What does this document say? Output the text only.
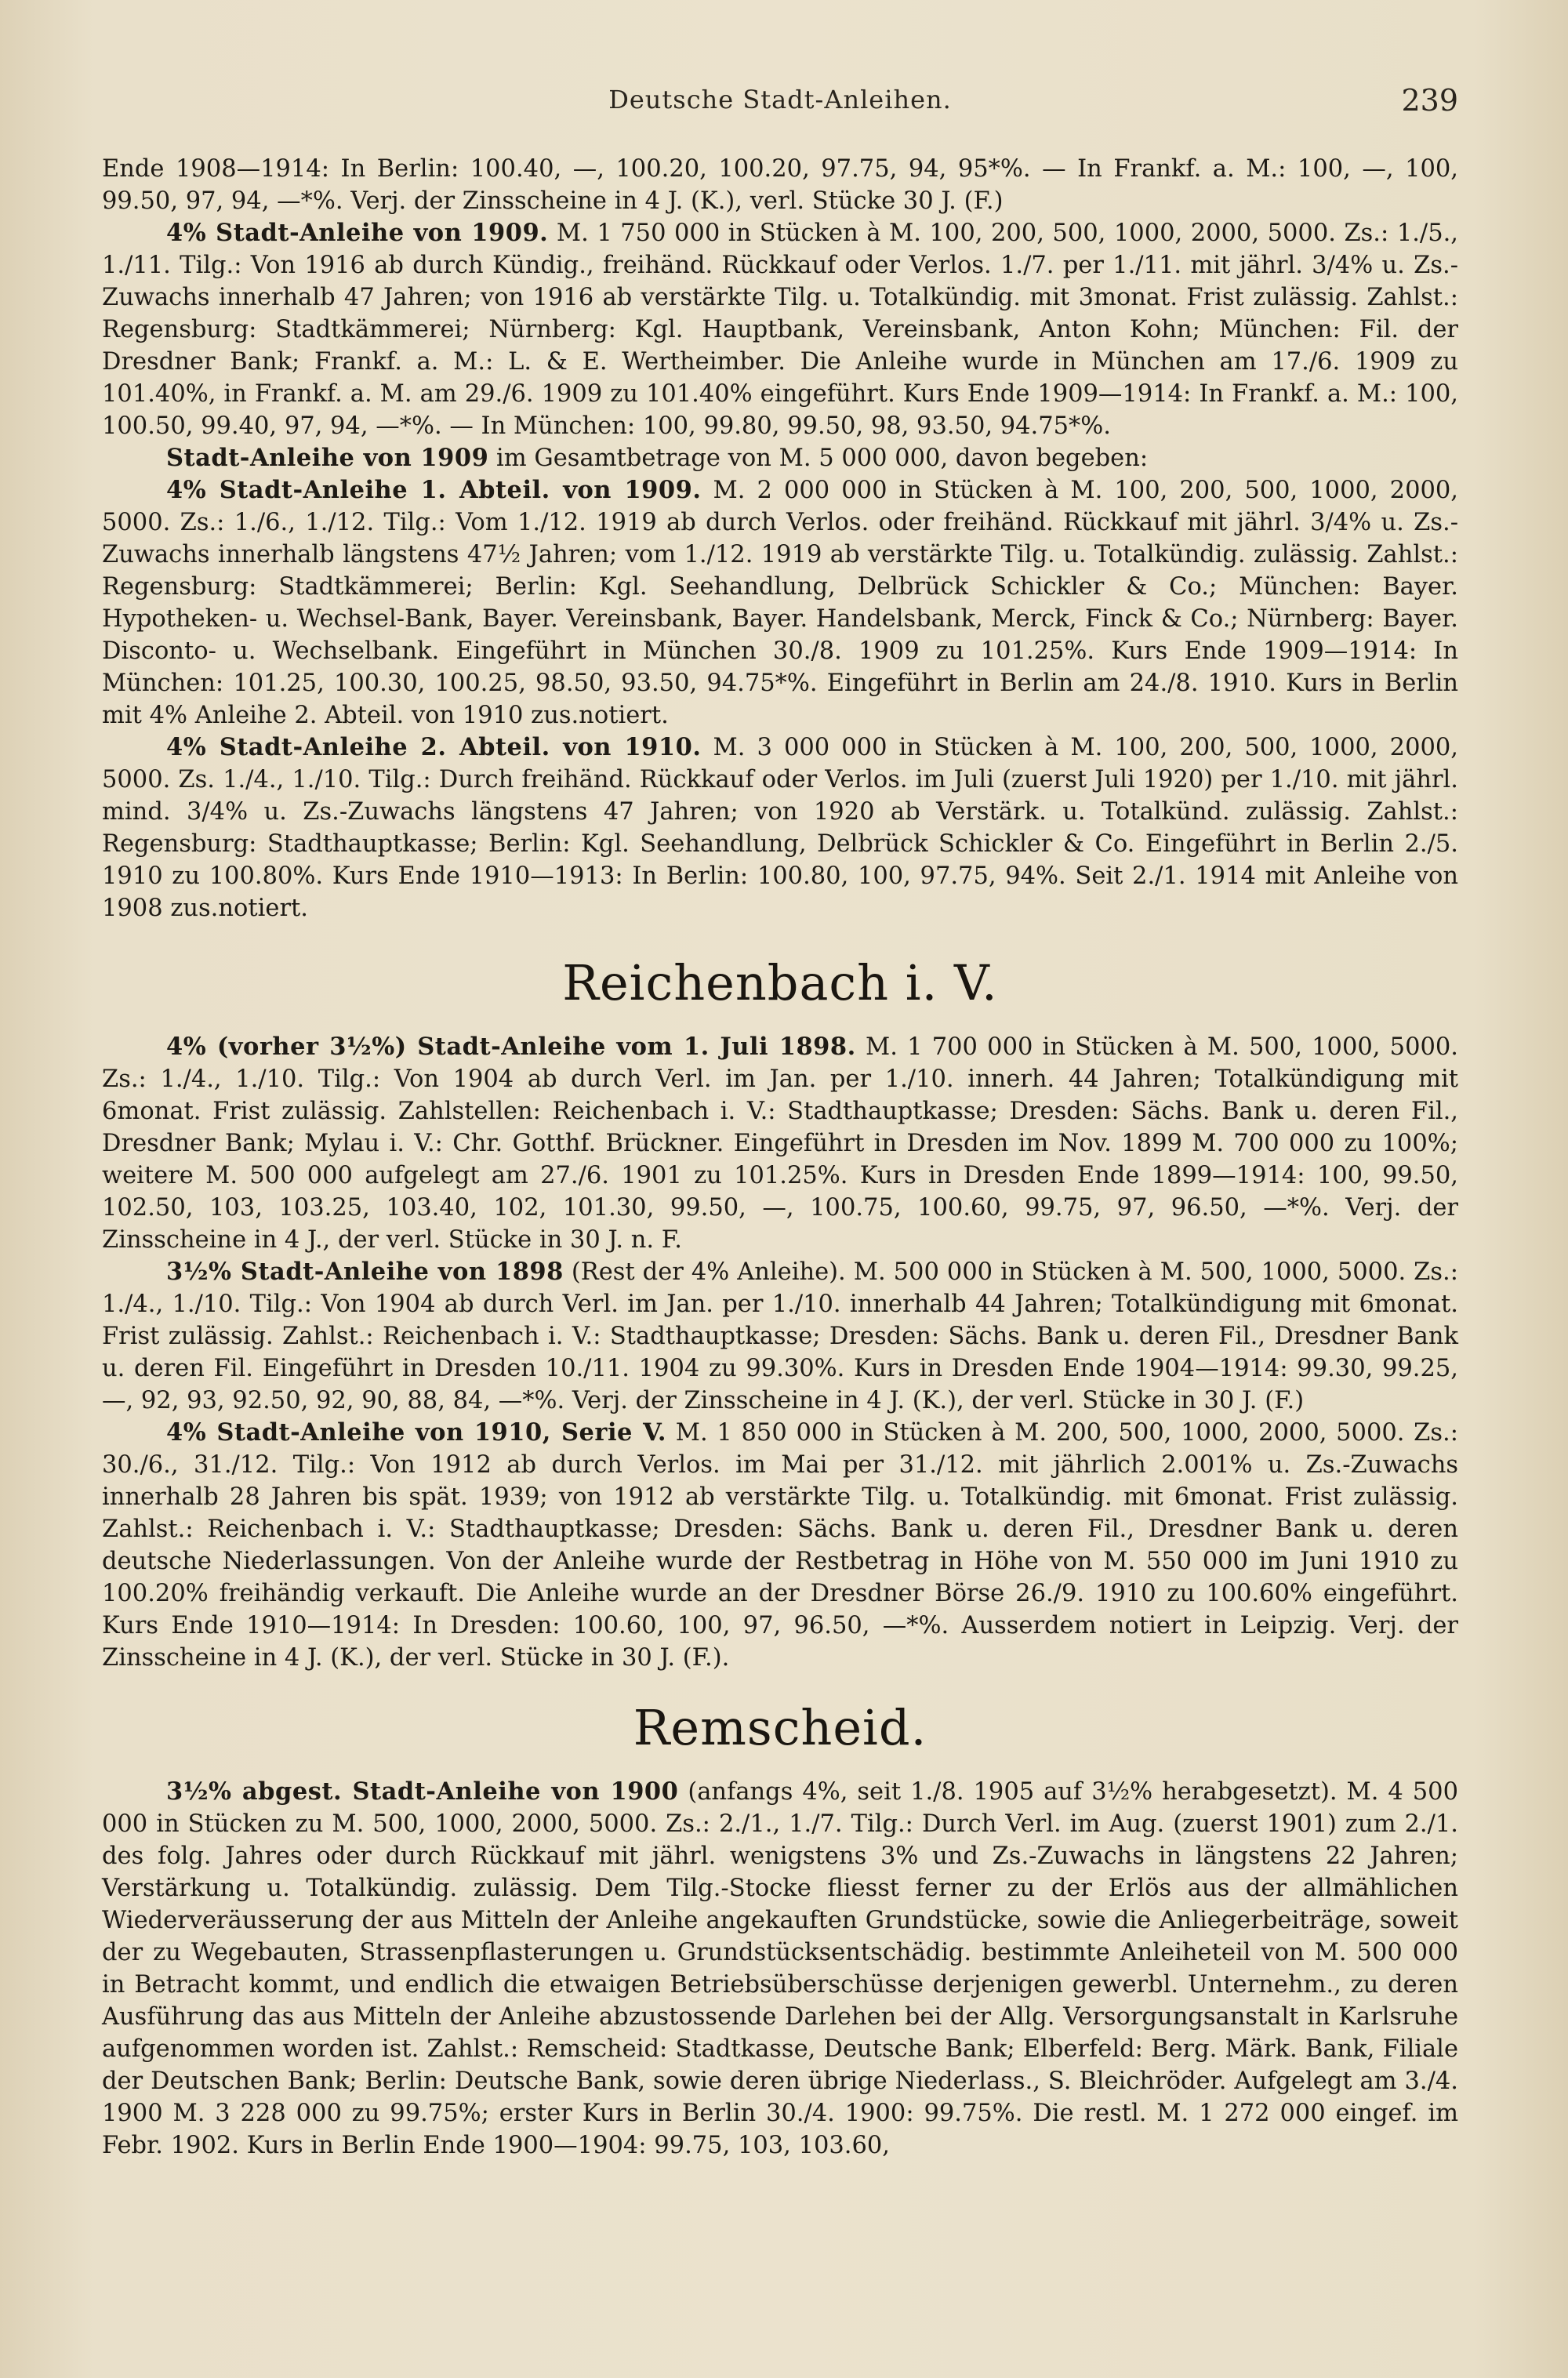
Deutsche Stadt-Anleihen.	239

Ende 1908—1914: In Berlin: 100.40, —, 100.20, 100.20, 97.75, 94, 95*%. — In Frankf. a. M.: 100, —, 100, 99.50, 97, 94, —*%. Verj. der Zinsscheine in 4 J. (K.), verl. Stücke 30 J. (F.)

4% Stadt-Anleihe von 1909. M. 1 750 000 in Stücken à M. 100, 200, 500, 1000, 2000, 5000. Zs.: 1./5., 1./11. Tilg.: Von 1916 ab durch Kündig., freihänd. Rückkauf oder Verlos. 1./7. per 1./11. mit jährl. 3/4% u. Zs.-Zuwachs innerhalb 47 Jahren; von 1916 ab verstärkte Tilg. u. Totalkündig. mit 3monat. Frist zulässig. Zahlst.: Regensburg: Stadtkämmerei; Nürnberg: Kgl. Hauptbank, Vereinsbank, Anton Kohn; München: Fil. der Dresdner Bank; Frankf. a. M.: L. & E. Wertheimber. Die Anleihe wurde in München am 17./6. 1909 zu 101.40%, in Frankf. a. M. am 29./6. 1909 zu 101.40% eingeführt. Kurs Ende 1909—1914: In Frankf. a. M.: 100, 100.50, 99.40, 97, 94, —*%. — In München: 100, 99.80, 99.50, 98, 93.50, 94.75*%.

Stadt-Anleihe von 1909 im Gesamtbetrage von M. 5 000 000, davon begeben:

4% Stadt-Anleihe 1. Abteil. von 1909. M. 2 000 000 in Stücken à M. 100, 200, 500, 1000, 2000, 5000. Zs.: 1./6., 1./12. Tilg.: Vom 1./12. 1919 ab durch Verlos. oder freihänd. Rückkauf mit jährl. 3/4% u. Zs.-Zuwachs innerhalb längstens 47½ Jahren; vom 1./12. 1919 ab verstärkte Tilg. u. Totalkündig. zulässig. Zahlst.: Regensburg: Stadtkämmerei; Berlin: Kgl. Seehandlung, Delbrück Schickler & Co.; München: Bayer. Hypotheken- u. Wechsel-Bank, Bayer. Vereinsbank, Bayer. Handelsbank, Merck, Finck & Co.; Nürnberg: Bayer. Disconto- u. Wechselbank. Eingeführt in München 30./8. 1909 zu 101.25%. Kurs Ende 1909—1914: In München: 101.25, 100.30, 100.25, 98.50, 93.50, 94.75*%. Eingeführt in Berlin am 24./8. 1910. Kurs in Berlin mit 4% Anleihe 2. Abteil. von 1910 zus.notiert.

4% Stadt-Anleihe 2. Abteil. von 1910. M. 3 000 000 in Stücken à M. 100, 200, 500, 1000, 2000, 5000. Zs. 1./4., 1./10. Tilg.: Durch freihänd. Rückkauf oder Verlos. im Juli (zuerst Juli 1920) per 1./10. mit jährl. mind. 3/4% u. Zs.-Zuwachs längstens 47 Jahren; von 1920 ab Verstärk. u. Totalkünd. zulässig. Zahlst.: Regensburg: Stadthauptkasse; Berlin: Kgl. Seehandlung, Delbrück Schickler & Co. Eingeführt in Berlin 2./5. 1910 zu 100.80%. Kurs Ende 1910—1913: In Berlin: 100.80, 100, 97.75, 94%. Seit 2./1. 1914 mit Anleihe von 1908 zus.notiert.

Reichenbach i. V.

4% (vorher 3½%) Stadt-Anleihe vom 1. Juli 1898. M. 1 700 000 in Stücken à M. 500, 1000, 5000. Zs.: 1./4., 1./10. Tilg.: Von 1904 ab durch Verl. im Jan. per 1./10. innerh. 44 Jahren; Totalkündigung mit 6monat. Frist zulässig. Zahlstellen: Reichenbach i. V.: Stadthauptkasse; Dresden: Sächs. Bank u. deren Fil., Dresdner Bank; Mylau i. V.: Chr. Gotthf. Brückner. Eingeführt in Dresden im Nov. 1899 M. 700 000 zu 100%; weitere M. 500 000 aufgelegt am 27./6. 1901 zu 101.25%. Kurs in Dresden Ende 1899—1914: 100, 99.50, 102.50, 103, 103.25, 103.40, 102, 101.30, 99.50, —, 100.75, 100.60, 99.75, 97, 96.50, —*%. Verj. der Zinsscheine in 4 J., der verl. Stücke in 30 J. n. F.

3½% Stadt-Anleihe von 1898 (Rest der 4% Anleihe). M. 500 000 in Stücken à M. 500, 1000, 5000. Zs.: 1./4., 1./10. Tilg.: Von 1904 ab durch Verl. im Jan. per 1./10. innerhalb 44 Jahren; Totalkündigung mit 6monat. Frist zulässig. Zahlst.: Reichenbach i. V.: Stadthauptkasse; Dresden: Sächs. Bank u. deren Fil., Dresdner Bank u. deren Fil. Eingeführt in Dresden 10./11. 1904 zu 99.30%. Kurs in Dresden Ende 1904—1914: 99.30, 99.25, —, 92, 93, 92.50, 92, 90, 88, 84, —*%. Verj. der Zinsscheine in 4 J. (K.), der verl. Stücke in 30 J. (F.)

4% Stadt-Anleihe von 1910, Serie V. M. 1 850 000 in Stücken à M. 200, 500, 1000, 2000, 5000. Zs.: 30./6., 31./12. Tilg.: Von 1912 ab durch Verlos. im Mai per 31./12. mit jährlich 2.001% u. Zs.-Zuwachs innerhalb 28 Jahren bis spät. 1939; von 1912 ab verstärkte Tilg. u. Totalkündig. mit 6monat. Frist zulässig. Zahlst.: Reichenbach i. V.: Stadthauptkasse; Dresden: Sächs. Bank u. deren Fil., Dresdner Bank u. deren deutsche Niederlassungen. Von der Anleihe wurde der Restbetrag in Höhe von M. 550 000 im Juni 1910 zu 100.20% freihändig verkauft. Die Anleihe wurde an der Dresdner Börse 26./9. 1910 zu 100.60% eingeführt. Kurs Ende 1910—1914: In Dresden: 100.60, 100, 97, 96.50, —*%. Ausserdem notiert in Leipzig. Verj. der Zinsscheine in 4 J. (K.), der verl. Stücke in 30 J. (F.).

Remscheid.

3½% abgest. Stadt-Anleihe von 1900 (anfangs 4%, seit 1./8. 1905 auf 3½% herabgesetzt). M. 4 500 000 in Stücken zu M. 500, 1000, 2000, 5000. Zs.: 2./1., 1./7. Tilg.: Durch Verl. im Aug. (zuerst 1901) zum 2./1. des folg. Jahres oder durch Rückkauf mit jährl. wenigstens 3% und Zs.-Zuwachs in längstens 22 Jahren; Verstärkung u. Totalkündig. zulässig. Dem Tilg.-Stocke fliesst ferner zu der Erlös aus der allmählichen Wiederveräusserung der aus Mitteln der Anleihe angekauften Grundstücke, sowie die Anliegerbeiträge, soweit der zu Wegebauten, Strassenpflasterungen u. Grundstücksentschädig. bestimmte Anleiheteil von M. 500 000 in Betracht kommt, und endlich die etwaigen Betriebsüberschüsse derjenigen gewerbl. Unternehm., zu deren Ausführung das aus Mitteln der Anleihe abzustossende Darlehen bei der Allg. Versorgungsanstalt in Karlsruhe aufgenommen worden ist. Zahlst.: Remscheid: Stadtkasse, Deutsche Bank; Elberfeld: Berg. Märk. Bank, Filiale der Deutschen Bank; Berlin: Deutsche Bank, sowie deren übrige Niederlass., S. Bleichröder. Aufgelegt am 3./4. 1900 M. 3 228 000 zu 99.75%; erster Kurs in Berlin 30./4. 1900: 99.75%. Die restl. M. 1 272 000 eingef. im Febr. 1902. Kurs in Berlin Ende 1900—1904: 99.75, 103, 103.60,
